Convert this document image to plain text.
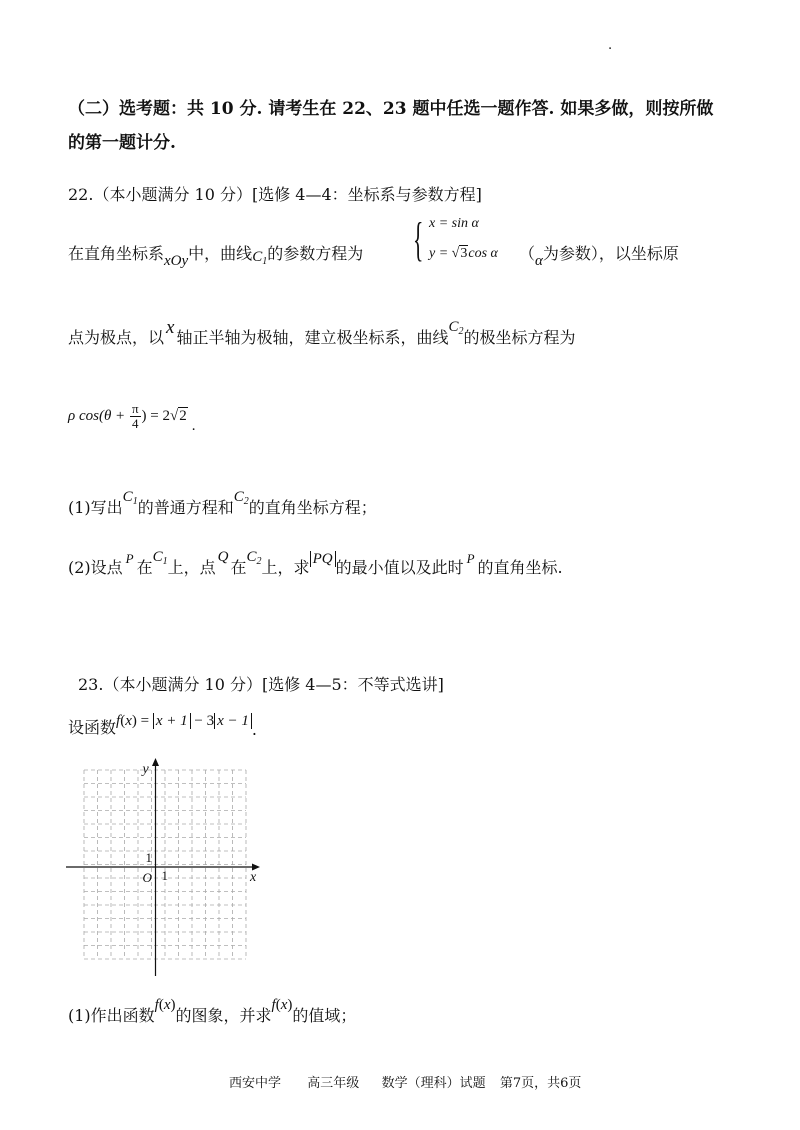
.
（二）选考题：共 10 分. 请考生在 22、23 题中任选一题作答. 如果多做，则按所做
的第一题计分.
22.（本小题满分 10 分）[选修 4—4：坐标系与参数方程]
在直角坐标系xOy中，曲线$C_1$的参数方程为 { x = sin α
y = √3cos α （α为参数），以坐标原
点为极点，以 x 轴正半轴为极轴，建立极坐标系，曲线$C_2$的极坐标方程为
ρ $\cos(\theta + \frac{\pi}{4}$ ) = 2√2.
(1)写出$C_1$的普通方程和$C_2$的直角坐标方程；
(2)设点 $^P$ 在$C_1$上，点Q在$C_2$上，求 PQ 的最小值以及此时 $^P$ 的直角坐标.
23.（本小题满分 10 分）[选修 4—5：不等式选讲]
设函数f(x) = x + 1 − 3 x − 1 .
y
x
O
1
1
(1)作出函数f(x)的图象，并求f(x)的值域；
西安中学 高三年级 数学（理科）试题 第7页，共6页
